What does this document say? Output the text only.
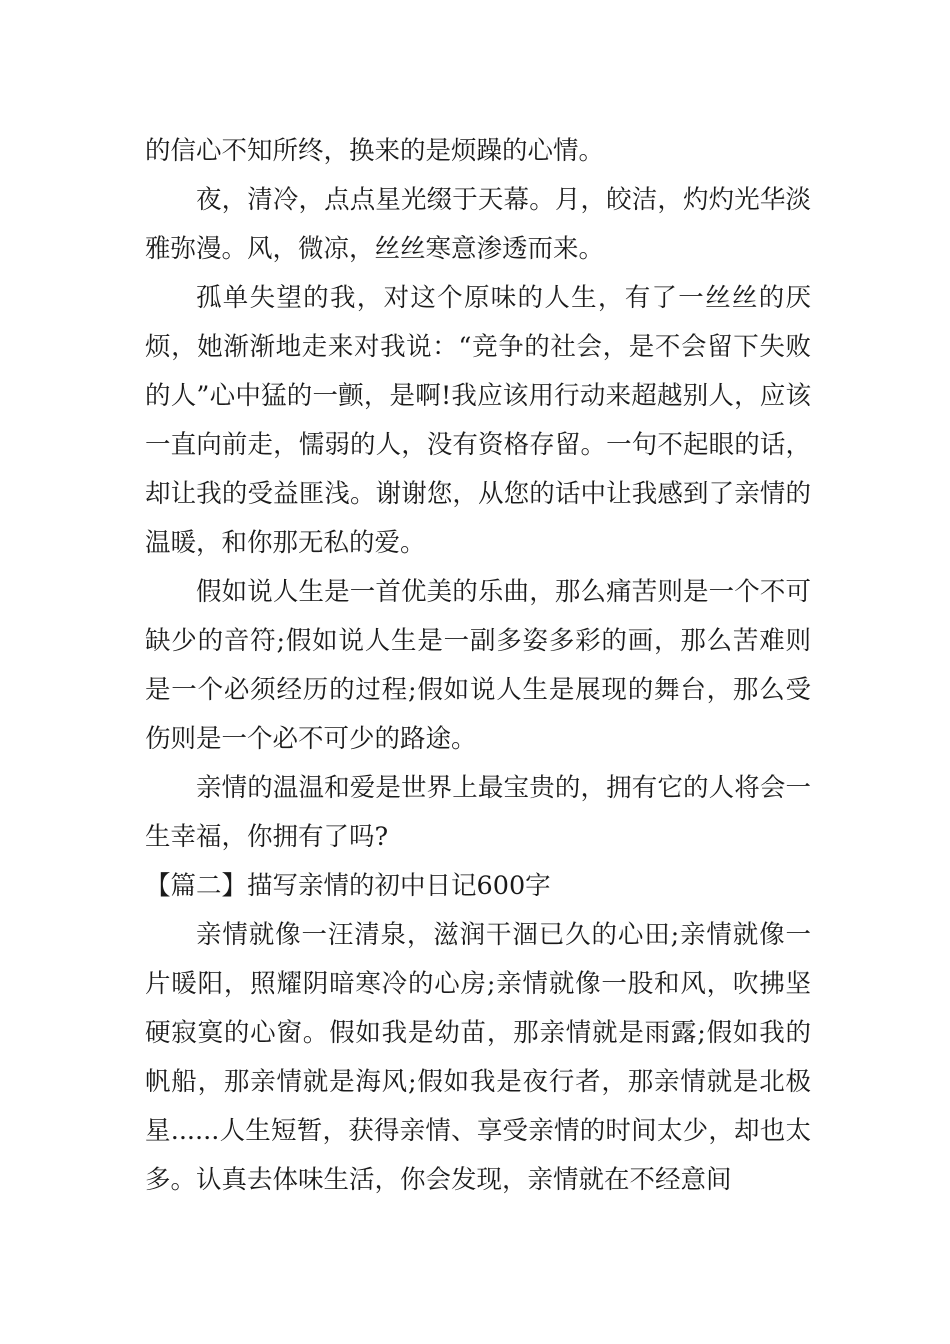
的信心不知所终，换来的是烦躁的心情。

夜，清冷，点点星光缀于天幕。月，皎洁，灼灼光华淡雅弥漫。风，微凉，丝丝寒意渗透而来。

孤单失望的我，对这个原味的人生，有了一丝丝的厌烦，她渐渐地走来对我说：“竞争的社会，是不会留下失败的人”心中猛的一颤，是啊!我应该用行动来超越别人，应该一直向前走，懦弱的人，没有资格存留。一句不起眼的话，却让我的受益匪浅。谢谢您，从您的话中让我感到了亲情的温暖，和你那无私的爱。

假如说人生是一首优美的乐曲，那么痛苦则是一个不可缺少的音符;假如说人生是一副多姿多彩的画，那么苦难则是一个必须经历的过程;假如说人生是展现的舞台，那么受伤则是一个必不可少的路途。

亲情的温温和爱是世界上最宝贵的，拥有它的人将会一生幸福，你拥有了吗?

【篇二】描写亲情的初中日记600字

亲情就像一汪清泉，滋润干涸已久的心田;亲情就像一片暖阳，照耀阴暗寒冷的心房;亲情就像一股和风，吹拂坚硬寂寞的心窗。假如我是幼苗，那亲情就是雨露;假如我的帆船，那亲情就是海风;假如我是夜行者，那亲情就是北极星......人生短暂，获得亲情、享受亲情的时间太少，却也太多。认真去体味生活，你会发现，亲情就在不经意间
